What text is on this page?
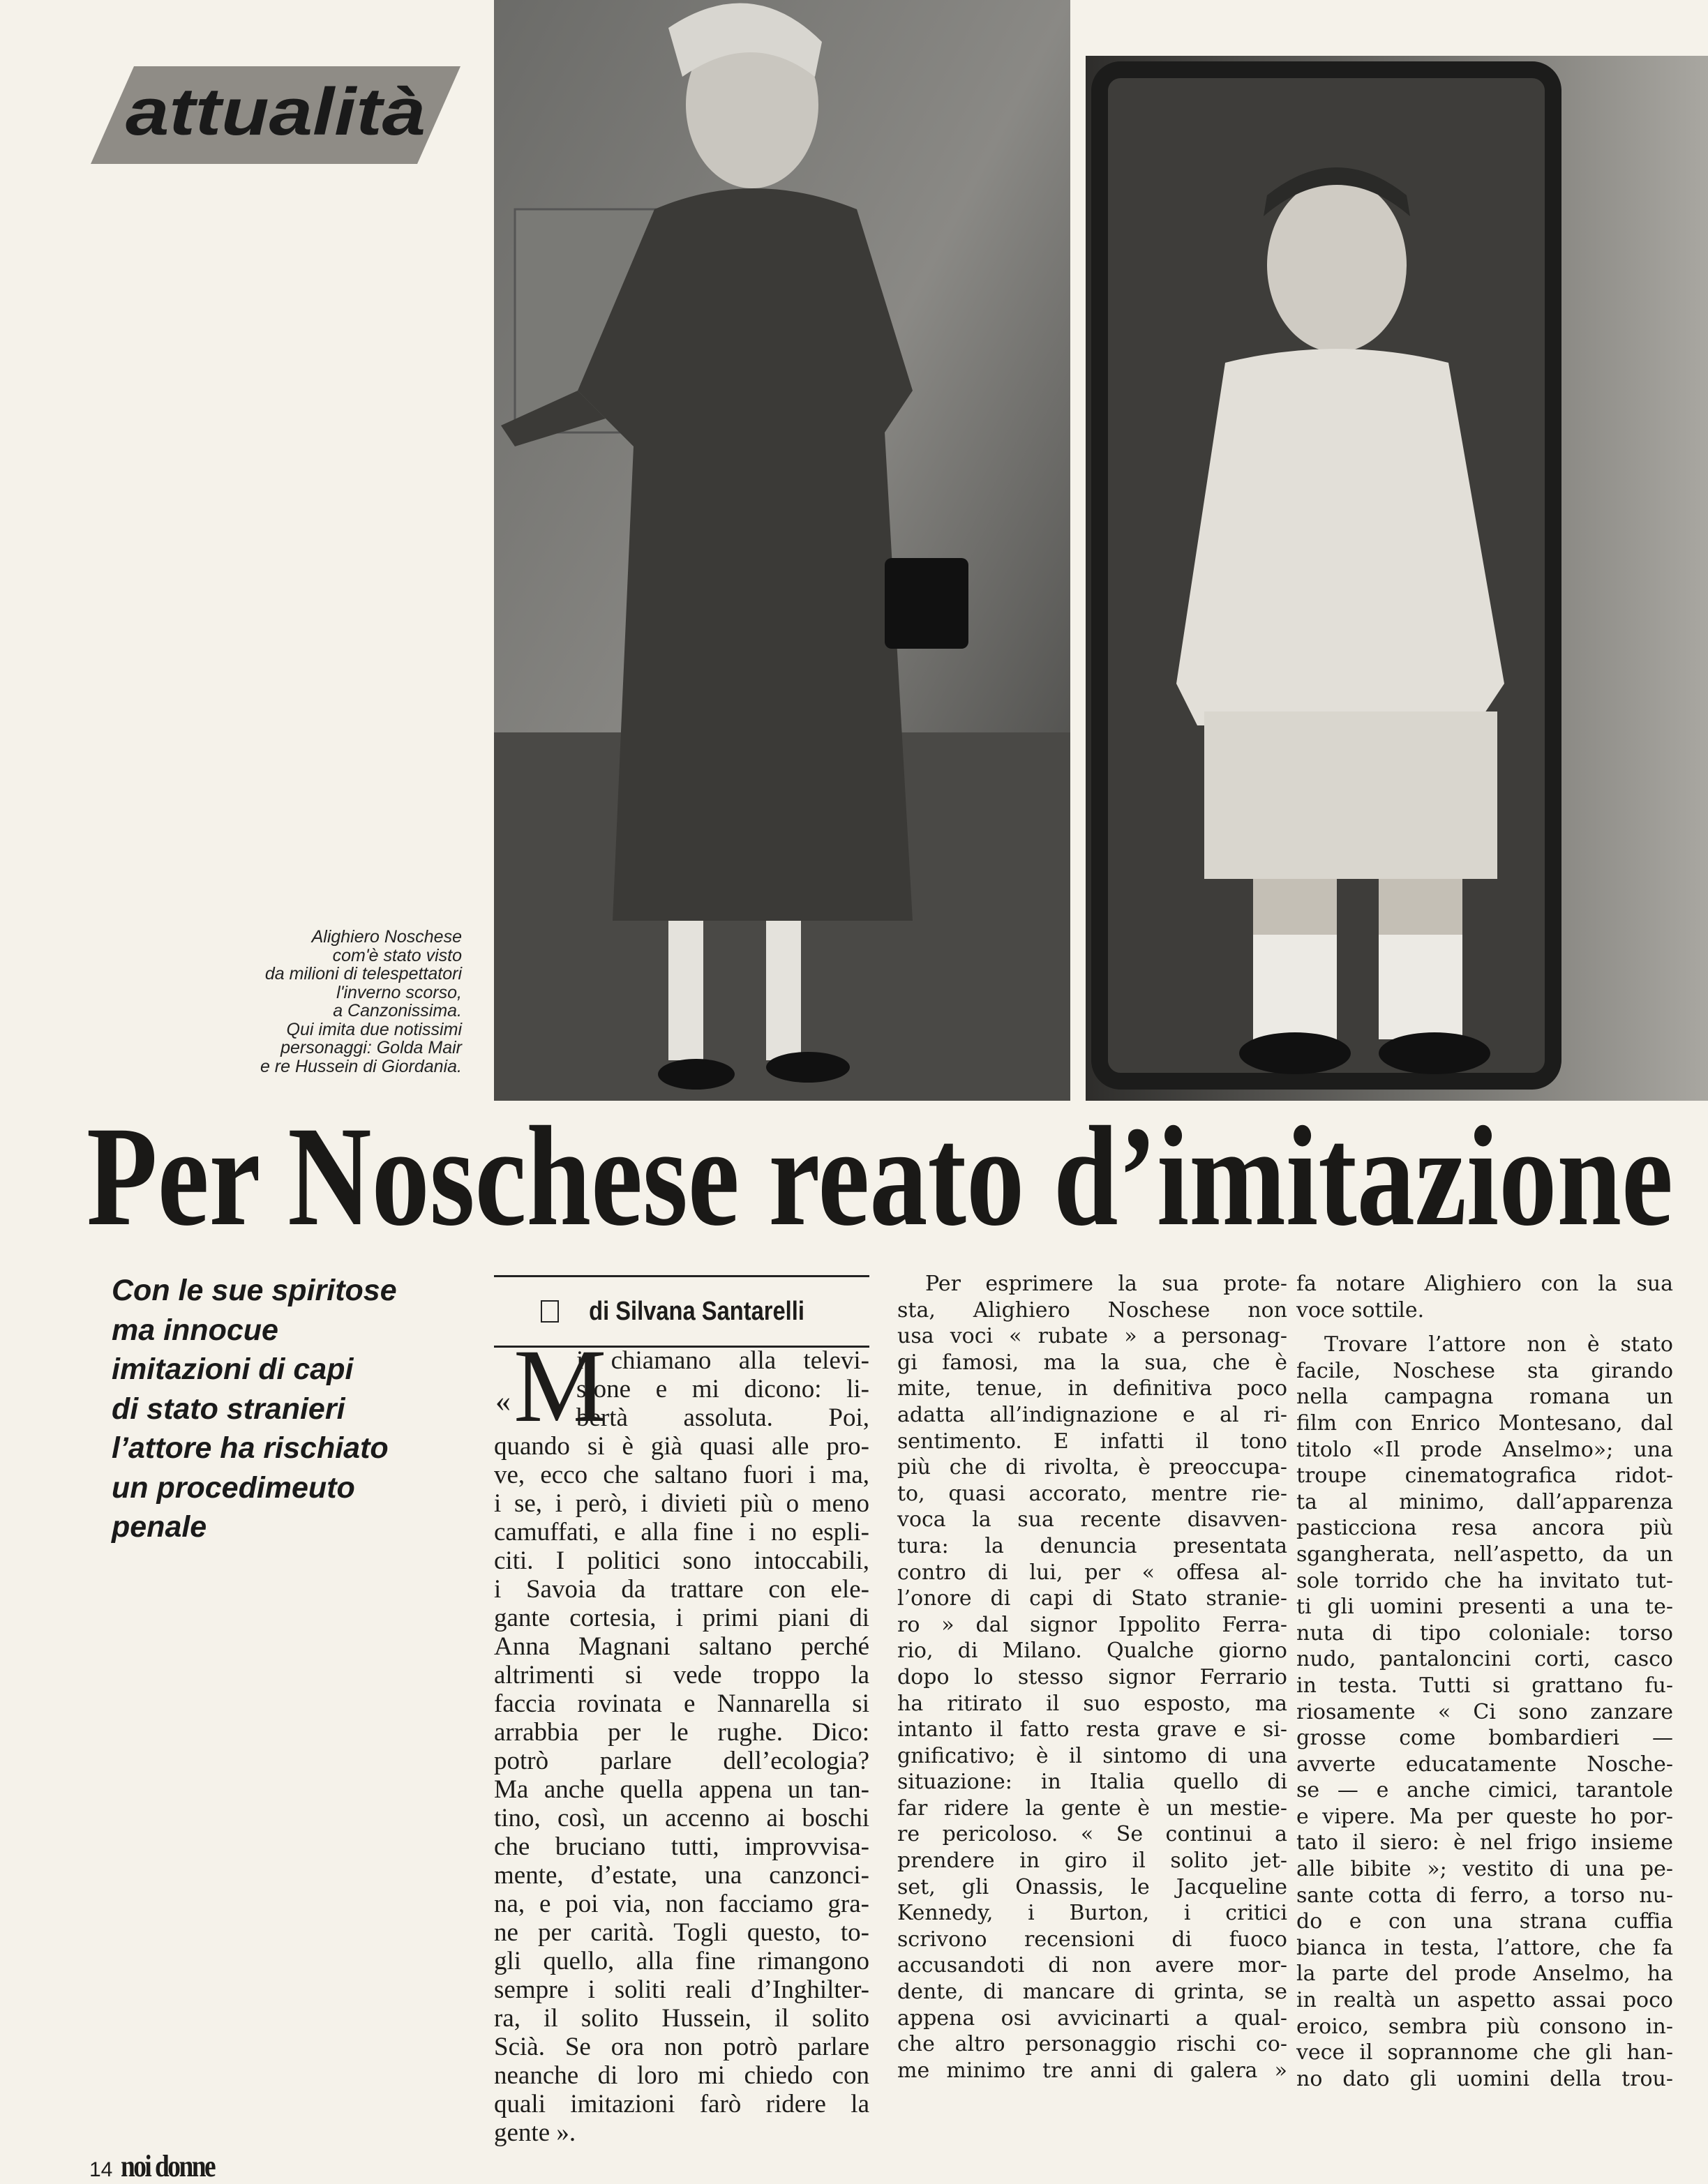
attualità
Alighiero Noschese
com'è stato visto
da milioni di telespettatori
l'inverno scorso,
a Canzonissima.
Qui imita due notissimi
personaggi: Golda Mair
e re Hussein di Giordania.
Per Noschese reato d’imitazione
Con le sue spiritose
ma innocue
imitazioni di capi
di stato stranieri
l’attore ha rischiato
un procedimeuto
penale
di Silvana Santarelli
«M
i chiamano alla televi-
sione e mi dicono: li-
bertà assoluta. Poi,
quando si è già quasi alle pro-
ve, ecco che saltano fuori i ma,
i se, i però, i divieti più o meno
camuffati, e alla fine i no espli-
citi. I politici sono intoccabili,
i Savoia da trattare con ele-
gante cortesia, i primi piani di
Anna Magnani saltano perché
altrimenti si vede troppo la
faccia rovinata e Nannarella si
arrabbia per le rughe. Dico:
potrò parlare dell’ecologia?
Ma anche quella appena un tan-
tino, così, un accenno ai boschi
che bruciano tutti, improvvisa-
mente, d’estate, una canzonci-
na, e poi via, non facciamo gra-
ne per carità. Togli questo, to-
gli quello, alla fine rimangono
sempre i soliti reali d’Inghilter-
ra, il solito Hussein, il solito
Scià. Se ora non potrò parlare
neanche di loro mi chiedo con
quali imitazioni farò ridere la
gente ».
Per esprimere la sua prote-
sta, Alighiero Noschese non
usa voci « rubate » a personag-
gi famosi, ma la sua, che è
mite, tenue, in definitiva poco
adatta all’indignazione e al ri-
sentimento. E infatti il tono
più che di rivolta, è preoccupa-
to, quasi accorato, mentre rie-
voca la sua recente disavven-
tura: la denuncia presentata
contro di lui, per « offesa al-
l’onore di capi di Stato stranie-
ro » dal signor Ippolito Ferra-
rio, di Milano. Qualche giorno
dopo lo stesso signor Ferrario
ha ritirato il suo esposto, ma
intanto il fatto resta grave e si-
gnificativo; è il sintomo di una
situazione: in Italia quello di
far ridere la gente è un mestie-
re pericoloso. « Se continui a
prendere in giro il solito jet-
set, gli Onassis, le Jacqueline
Kennedy, i Burton, i critici
scrivono recensioni di fuoco
accusandoti di non avere mor-
dente, di mancare di grinta, se
appena osi avvicinarti a qual-
che altro personaggio rischi co-
me minimo tre anni di galera »
fa notare Alighiero con la sua
voce sottile.
Trovare l’attore non è stato
facile, Noschese sta girando
nella campagna romana un
film con Enrico Montesano, dal
titolo «Il prode Anselmo»; una
troupe cinematografica ridot-
ta al minimo, dall’apparenza
pasticciona resa ancora più
sgangherata, nell’aspetto, da un
sole torrido che ha invitato tut-
ti gli uomini presenti a una te-
nuta di tipo coloniale: torso
nudo, pantaloncini corti, casco
in testa. Tutti si grattano fu-
riosamente « Ci sono zanzare
grosse come bombardieri —
avverte educatamente Nosche-
se — e anche cimici, tarantole
e vipere. Ma per queste ho por-
tato il siero: è nel frigo insieme
alle bibite »; vestito di una pe-
sante cotta di ferro, a torso nu-
do e con una strana cuffia
bianca in testa, l’attore, che fa
la parte del prode Anselmo, ha
in realtà un aspetto assai poco
eroico, sembra più consono in-
vece il soprannome che gli han-
no dato gli uomini della trou-
14 noi donne
